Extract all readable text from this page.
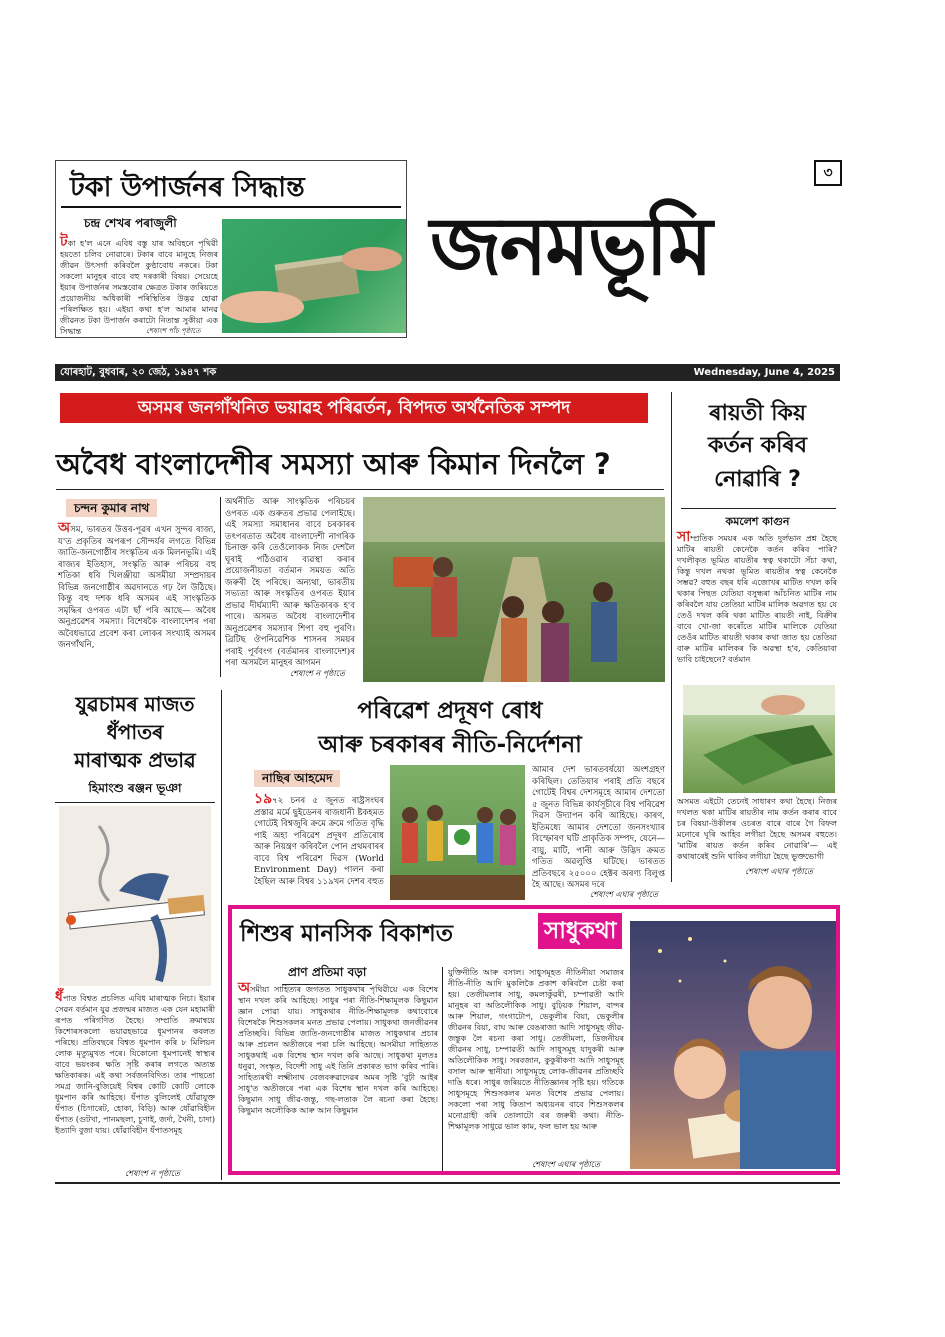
৩
টকা উপাৰ্জনৰ সিদ্ধান্ত
চন্দ্ৰ শেখৰ পৰাজুলী
টকা হ'ল এনে এবিধ বস্তু যাৰ অবিহনে পৃথিৱী হয়তো চলিব নোৱাৰে। টকাৰ বাবে মানুহে নিজৰ জীৱন উৎসৰ্গা কৰিবলৈ কুণ্ঠাবোধ নকৰে। টকা সকলো মানুহৰ বাবে বহু দৰকাৰী বিষয়। সেয়েহে ইয়াৰ উপাৰ্জনৰ সমস্তবোৰ ক্ষেত্ৰত টকাৰ জৰিয়তে প্ৰয়োজনীয় অধিকাৰী পৰিস্থিতিৰ উদ্ভৱ হোৱা পৰিলক্ষিত হয়। এইয়া কথা হ'ল আমাৰ মানৱ জীৱনত টকা উপাৰ্জন কৰাটো নিতান্ত সুকীয়া এক সিদ্ধান্ত	শেষাংশ পাঁচ পৃষ্ঠাতে
জনমভূমি
যোৰহাট, বুধবাৰ, ২০ জেঠ, ১৯৪৭ শক	Wednesday, June 4, 2025
অসমৰ জনগাঁথনিত ভয়াৱহ পৰিৱৰ্তন, বিপদত অৰ্থনৈতিক সম্পদ
অবৈধ বাংলাদেশীৰ সমস্যা আৰু কিমান দিনলৈ ?
চন্দন কুমাৰ নাথ
অসম, ভাৰতৰ উত্তৰ-পূৱৰ এখন সুন্দৰ ৰাজ্য, য'ত প্ৰকৃতিৰ অপৰূপ সৌন্দৰ্যৰ লগতে বিভিন্ন জাতি-জনগোষ্ঠীৰ সংস্কৃতিৰ এক মিলনভূমি। এই ৰাজ্যৰ ইতিহাস, সংস্কৃতি আৰু পৰিচয় বহু শতিকা ধৰি খিলঞ্জীয়া অসমীয়া সম্প্ৰদায়ৰ বিভিন্ন জনগোষ্ঠীৰ অৱদানতে গঢ় লৈ উঠিছে। কিন্তু বহু দশক ধৰি অসমৰ এই সাংস্কৃতিক সমৃদ্ধিৰ ওপৰত এটা ছাঁ পৰি আছে— অবৈধ অনুপ্ৰৱেশৰ সমস্যা। বিশেষকৈ বাংলাদেশৰ পৰা অবৈধভাৱে প্ৰবেশ কৰা লোকৰ সংখ্যাই অসমৰ জনগাঁথনি,
অৰ্থনীতি আৰু সাংস্কৃতিক পৰিচয়ৰ ওপৰত এক গুৰুতৰ প্ৰভাৱ পেলাইছে। এই সমস্যা সমাধানৰ বাবে চৰকাৰৰ তৎপৰতাত অবৈধ বাংলাদেশী নাগৰিক চিনাক্ত কৰি তেওঁলোকক নিজ দেশলৈ ঘূৰাই পঠিওৱাৰ ব্যৱস্থা কৰাৰ প্ৰয়োজনীয়তা বৰ্তমান সময়ত অতি জৰুৰী হৈ পৰিছে। অন্যথা, ভাৰতীয় সভ্যতা আৰু সংস্কৃতিৰ ওপৰত ইয়াৰ প্ৰভাৱ দীৰ্ঘম্যাদী আৰু ক্ষতিকাৰক হ'ব পাৰে। অসমত অবৈধ বাংলাদেশীৰ অনুপ্ৰৱেশৰ সমস্যাৰ শিপা বহু পুৰণি। ব্ৰিটিছ ঔপনিৱেশিক শাসনৰ সময়ৰ পৰাই পূৰ্ববংগ (বৰ্তমানৰ বাংলাদেশ)ৰ পৰা অসমলৈ মানুহৰ আগমন
শেষাংশ ন পৃষ্ঠাতে
ৰায়তী কিয়
কৰ্তন কৰিব
নোৱাৰি ?
কমলেশ কাগুন
সাম্প্ৰতিক সময়ৰ এক অতি দুৰ্লভান প্ৰশ্ন হৈছে মাটিৰ ৰায়তী কেনেকৈ কৰ্তন কৰিব পাৰি? দখলীকৃত ভূমিত ৰায়তীৰ স্বত্ব থকাটো সঁচা কথা, কিন্তু দখল নথকা ভূমিত ৰায়তীৰ স্বত্ব কেনেকৈ সম্ভৱ? বহুত বছৰ ধৰি এজোখৰ মাটিত দখল কৰি থকাৰ পিছত যেতিয়া বসুন্ধৰা আঁচনিত মাটিৰ নাম কৰিবলৈ যায় তেতিয়া মাটিৰ মালিক অৱগত হয় যে তেওঁ দখল কৰি থকা মাটিত ৰায়তী নাই, বিক্ৰীৰ বাবে খো-জা কৰোঁতে মাটিৰ মালিকে যেতিয়া তেওঁৰ মাটিত ৰায়তী থকাৰ কথা জাত হয় তেতিয়া বাৰু মাটিৰ মালিকৰ কি অৱস্থা হ'ব, কেতিয়াবা ভাবি চাইছেনে? বৰ্তমান
অসমত এইটো তেনেই সাধাৰণ কথা হৈছে। নিজৰ দখলত থকা মাটিৰ ৰায়তীৰ নাম কৰ্তন কৰাৰ বাবে চৰ বিষয়া-উকীলৰ ওচৰত বাৰে বাৰে গৈ বিফল মনোৰে ঘূৰি আহিব লগীয়া হৈছে অসমৰ বহুতে। 'মাটিৰ ৰায়ত কৰ্তন কৰিব নোৱাৰি'— এই কথাষাৰেই শুনি থাকিব লগীয়া হৈছে ভুক্তভোগী
শেষাংশ এঘাৰ পৃষ্ঠাতে
যুৱচামৰ মাজত
ধঁপাতৰ
মাৰাত্মক প্ৰভাৱ
হিমাংশু ৰঞ্জন ভূঞা
ধঁপাত বিশ্বত প্ৰচলিত এবিধ মাৰাত্মক নিচা। ইয়াৰ সেৱন বৰ্তমান যুৱ প্ৰজন্মৰ মাজত এক যেন মহামাৰী ৰূপত পৰিগণিত হৈছে। সম্প্ৰতি ক্ৰমান্বয়ে কিশোৰসকলো ভয়াৱহভাৱে ধূমপানৰ কবলত পৰিছে। প্ৰতিবছৰে বিশ্বত ধূমপান কৰি ৮ মিলিয়ন লোক মৃত্যুমুখত পৰে। যিকোনো ধূমপানেই স্বাস্থ্যৰ বাবে ভয়ংকৰ ক্ষতি সৃষ্টি কৰাৰ লগতে অত্যন্ত ক্ষতিকাৰক। এই কথা সৰ্বজনবিদিত। তাৰ পাছতো সমগ্ৰ জানি-বুজিয়েই বিশ্বৰ কোটি কোটি লোকে ধূমপান কৰি আহিছে। ধঁপাত বুলিলেই ধোঁৱাযুক্ত ধঁপাত (চিগাৰেট, হোকা, বিড়ি) আৰু ধোঁৱাবিহীন ধঁপাত (গুটখা, পানমছলা, চুণাই, জৰ্দা, খৈনী, চাদা) ইত্যাদি বুজা যায়। ধোঁৱাবিহীন ধঁপাতসমূহ
শেষাংশ ন পৃষ্ঠাতে
পৰিৱেশ প্ৰদূষণ ৰোধ
আৰু চৰকাৰৰ নীতি-নিৰ্দেশনা
নাছিৰ আহমেদ
১৯৭২ চনৰ ৫ জুনত ৰাষ্ট্ৰসংঘৰ প্ৰস্তাৱ মৰ্মে ছুইডেনৰ ৰাজধানী ষ্টকহমত গোটেই বিশ্বজুৰি ক্ৰমে ক্ৰমে গতিত বৃদ্ধি পাই অহা পৰিৱেশ প্ৰদূষণ প্ৰতিৰোধ আৰু নিয়ন্ত্ৰণ কৰিবলৈ পোন প্ৰথমবাৰৰ বাবে বিশ্ব পৰিৱেশ দিৱস (World Environment Day) পালন কৰা হৈছিল আৰু বিশ্বৰ ১১৯খন দেশৰ বহুত
আমাৰ দেশ ভাৰতবৰ্ষয়ো অংশগ্ৰহণ কৰিছিল। তেতিয়াৰ পৰাই প্ৰতি বছৰে গোটেই বিশ্বৰ দেশসমূহে আমাৰ দেশতো ৫ জুনত বিভিন্ন কাৰ্যসূচীৰে বিশ্ব পৰিৱেশ দিৱস উদ্যাপন কৰি আহিছে। কাৰণ, ইতিমধ্যে আমাৰ দেশতো জনসংখ্যাৰ বিস্ফোৰণ ঘটি প্ৰাকৃতিক সম্পদ, যেনে— বায়ু, মাটি, পানী আৰু উদ্ভিদ ক্ৰমত গতিত অৱলুপ্তি ঘটিছে। ভাৰতত প্ৰতিবছৰে ২৫০০০ হেক্টৰ অৰণ্য বিলুপ্ত হৈ আছে। অসমৰ দৰে
শেষাংশ এঘাৰ পৃষ্ঠাতে
শিশুৰ মানসিক বিকাশত	সাধুকথা
প্ৰাণ প্ৰতিমা বড়া
অসমীয়া সাহিত্যৰ জগতত সাধুকথাৰ পৃথিৱীয়ে এক বিশেষ স্থান দখল কৰি আহিছে। সাধুৰ পৰা নীতি-শিক্ষামূলক কিছুমান জ্ঞান পোৱা যায়। সাধুকথাৰ নীতি-শিক্ষামূলক কথাবোৰে বিশেষকৈ শিশুসকলৰ মনত প্ৰভাৱ পেলায়। সাধুকথা জনজীৱনৰ প্ৰতিচ্ছবি। বিভিন্ন জাতি-জনগোষ্ঠীৰ মাজত সাধুকথাৰ প্ৰচাৰ আৰু প্ৰচলন অতীজৰে পৰা চলি আহিছে। অসমীয়া সাহিত্যত সাধুকথাই এক বিশেষ স্থান দখল কৰি আছে। সাধুকথা মূলতঃ ধনুৱা, সংস্কৃত, বিদেশী সাধু এই তিনি প্ৰকাৰত ভাগ কৰিব পাৰি। সাহিত্যৰথী লক্ষ্মীনাথ বেজবৰুৱাদেৱৰ অমৰ সৃষ্টি 'বুঢ়ী আইৰ সাধু'ত অতীজৰে পৰা এক বিশেষ স্থান দখল কৰি আহিছে। কিছুমান সাধু জীৱ-জন্তু, গছ-লতাক লৈ ৰচনা কৰা হৈছে। কিছুমান অলৌকিক আৰু আন কিছুমান
যুক্তিনীতি আৰু বসাল। সাধুসমূহত নীতিনীয়া সমাজৰ নীতি-নীতি আদি মুকলিকৈ প্ৰকাশ কৰিবলৈ চেষ্টা কৰা হয়। তেজীমলাৰ সাধু, কমলাকুঁৱৰী, চম্পাৱতী আদি মানুহৰ বা অতিলৌকিক সাধু। বুঢ়িয়ক শিয়াল, বান্দৰ আৰু শিয়াল, গংগাটোপ, ভেকুলীৰ বিয়া, ভেকুলীৰ জীৱনৰ বিয়া, বাঘ আৰু বেঙৰাজা আদি সাধুসমূহ জীৱ-জন্তুক লৈ ৰচনা কৰা সাধু। তেজীমলা, ডিজনীয়ৰ জীৱনৰ সাধু, চম্পাৱতী আদি সাধুসমূহ যাদুকৰী আৰু অতিলৌকিক সাধু। সৰবজান, কুকুৰীকণা আদি সাধুসমূহ বসাল আৰু স্থানীয়া। সাধুসমূহে লোক-জীৱনৰ প্ৰতিচ্ছবি দাঙি ধৰে। সাধুৰ জৰিয়তে নীতিজ্ঞানৰ সৃষ্টি হয়। গতিকে সাধুসমূহে শিশুসকলৰ মনত বিশেষ প্ৰভাৱ পেলায়। সকলো পৰা সাধু কিতাপ অধ্যয়নৰ বাবে শিশুসকলৰ মনোগ্ৰাহী কৰি তোলাটো বৰ জৰুৰী কথা। নীতি-শিক্ষামূলক সাধুৱে ভাল কাম, ফল ভাল হয় আৰু
শেষাংশ এঘাৰ পৃষ্ঠাতে
